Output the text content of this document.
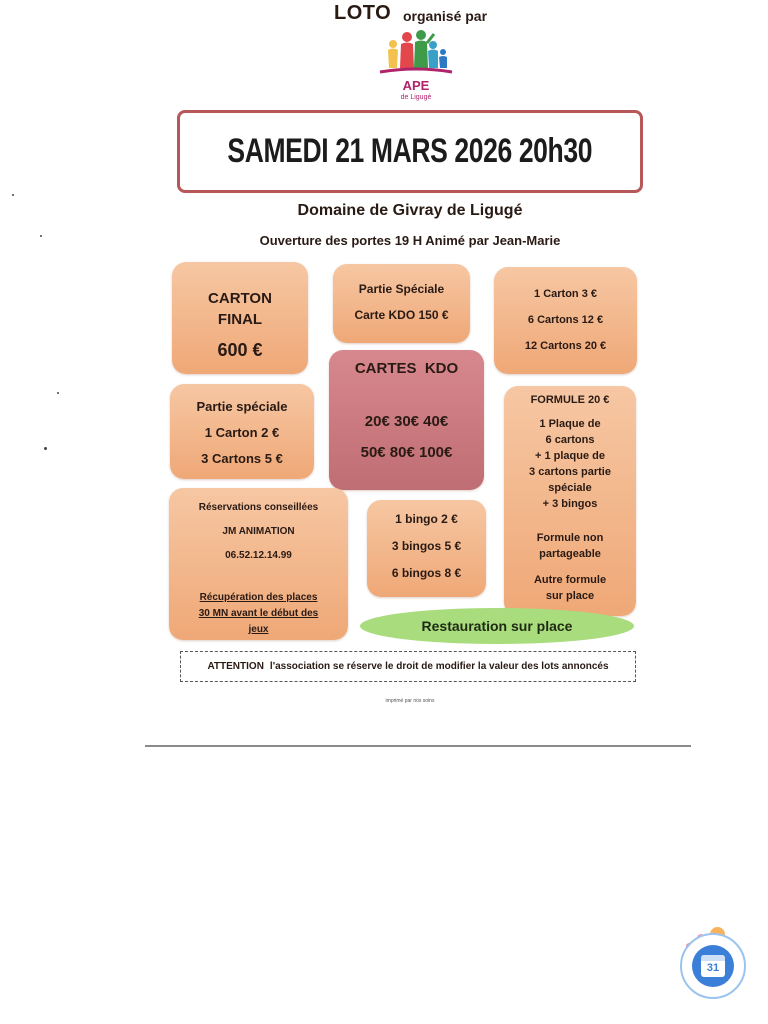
LOTO organisé par
APE
de Ligugé
SAMEDI 21 MARS 2026 20h30
Domaine de Givray de Ligugé
Ouverture des portes 19 H Animé par Jean-Marie
CARTON
FINAL
600 €
Partie Spéciale
Carte KDO 150 €
1 Carton 3 €
6 Cartons 12 €
12 Cartons 20 €
CARTES  KDO
20€ 30€ 40€
50€ 80€ 100€
Partie spéciale
1 Carton 2 €
3 Cartons 5 €
FORMULE 20 €
1 Plaque de
6 cartons
+ 1 plaque de
3 cartons partie
spéciale
+ 3 bingos
Formule non
partageable
Autre formule
sur place
Réservations conseillées
JM ANIMATION
06.52.12.14.99
Récupération des places
30 MN avant le début des
jeux
1 bingo 2 €
3 bingos 5 €
6 bingos 8 €
Restauration sur place
ATTENTION l'association se réserve le droit de modifier la valeur des lots annoncés
imprimé par nos soins
31
